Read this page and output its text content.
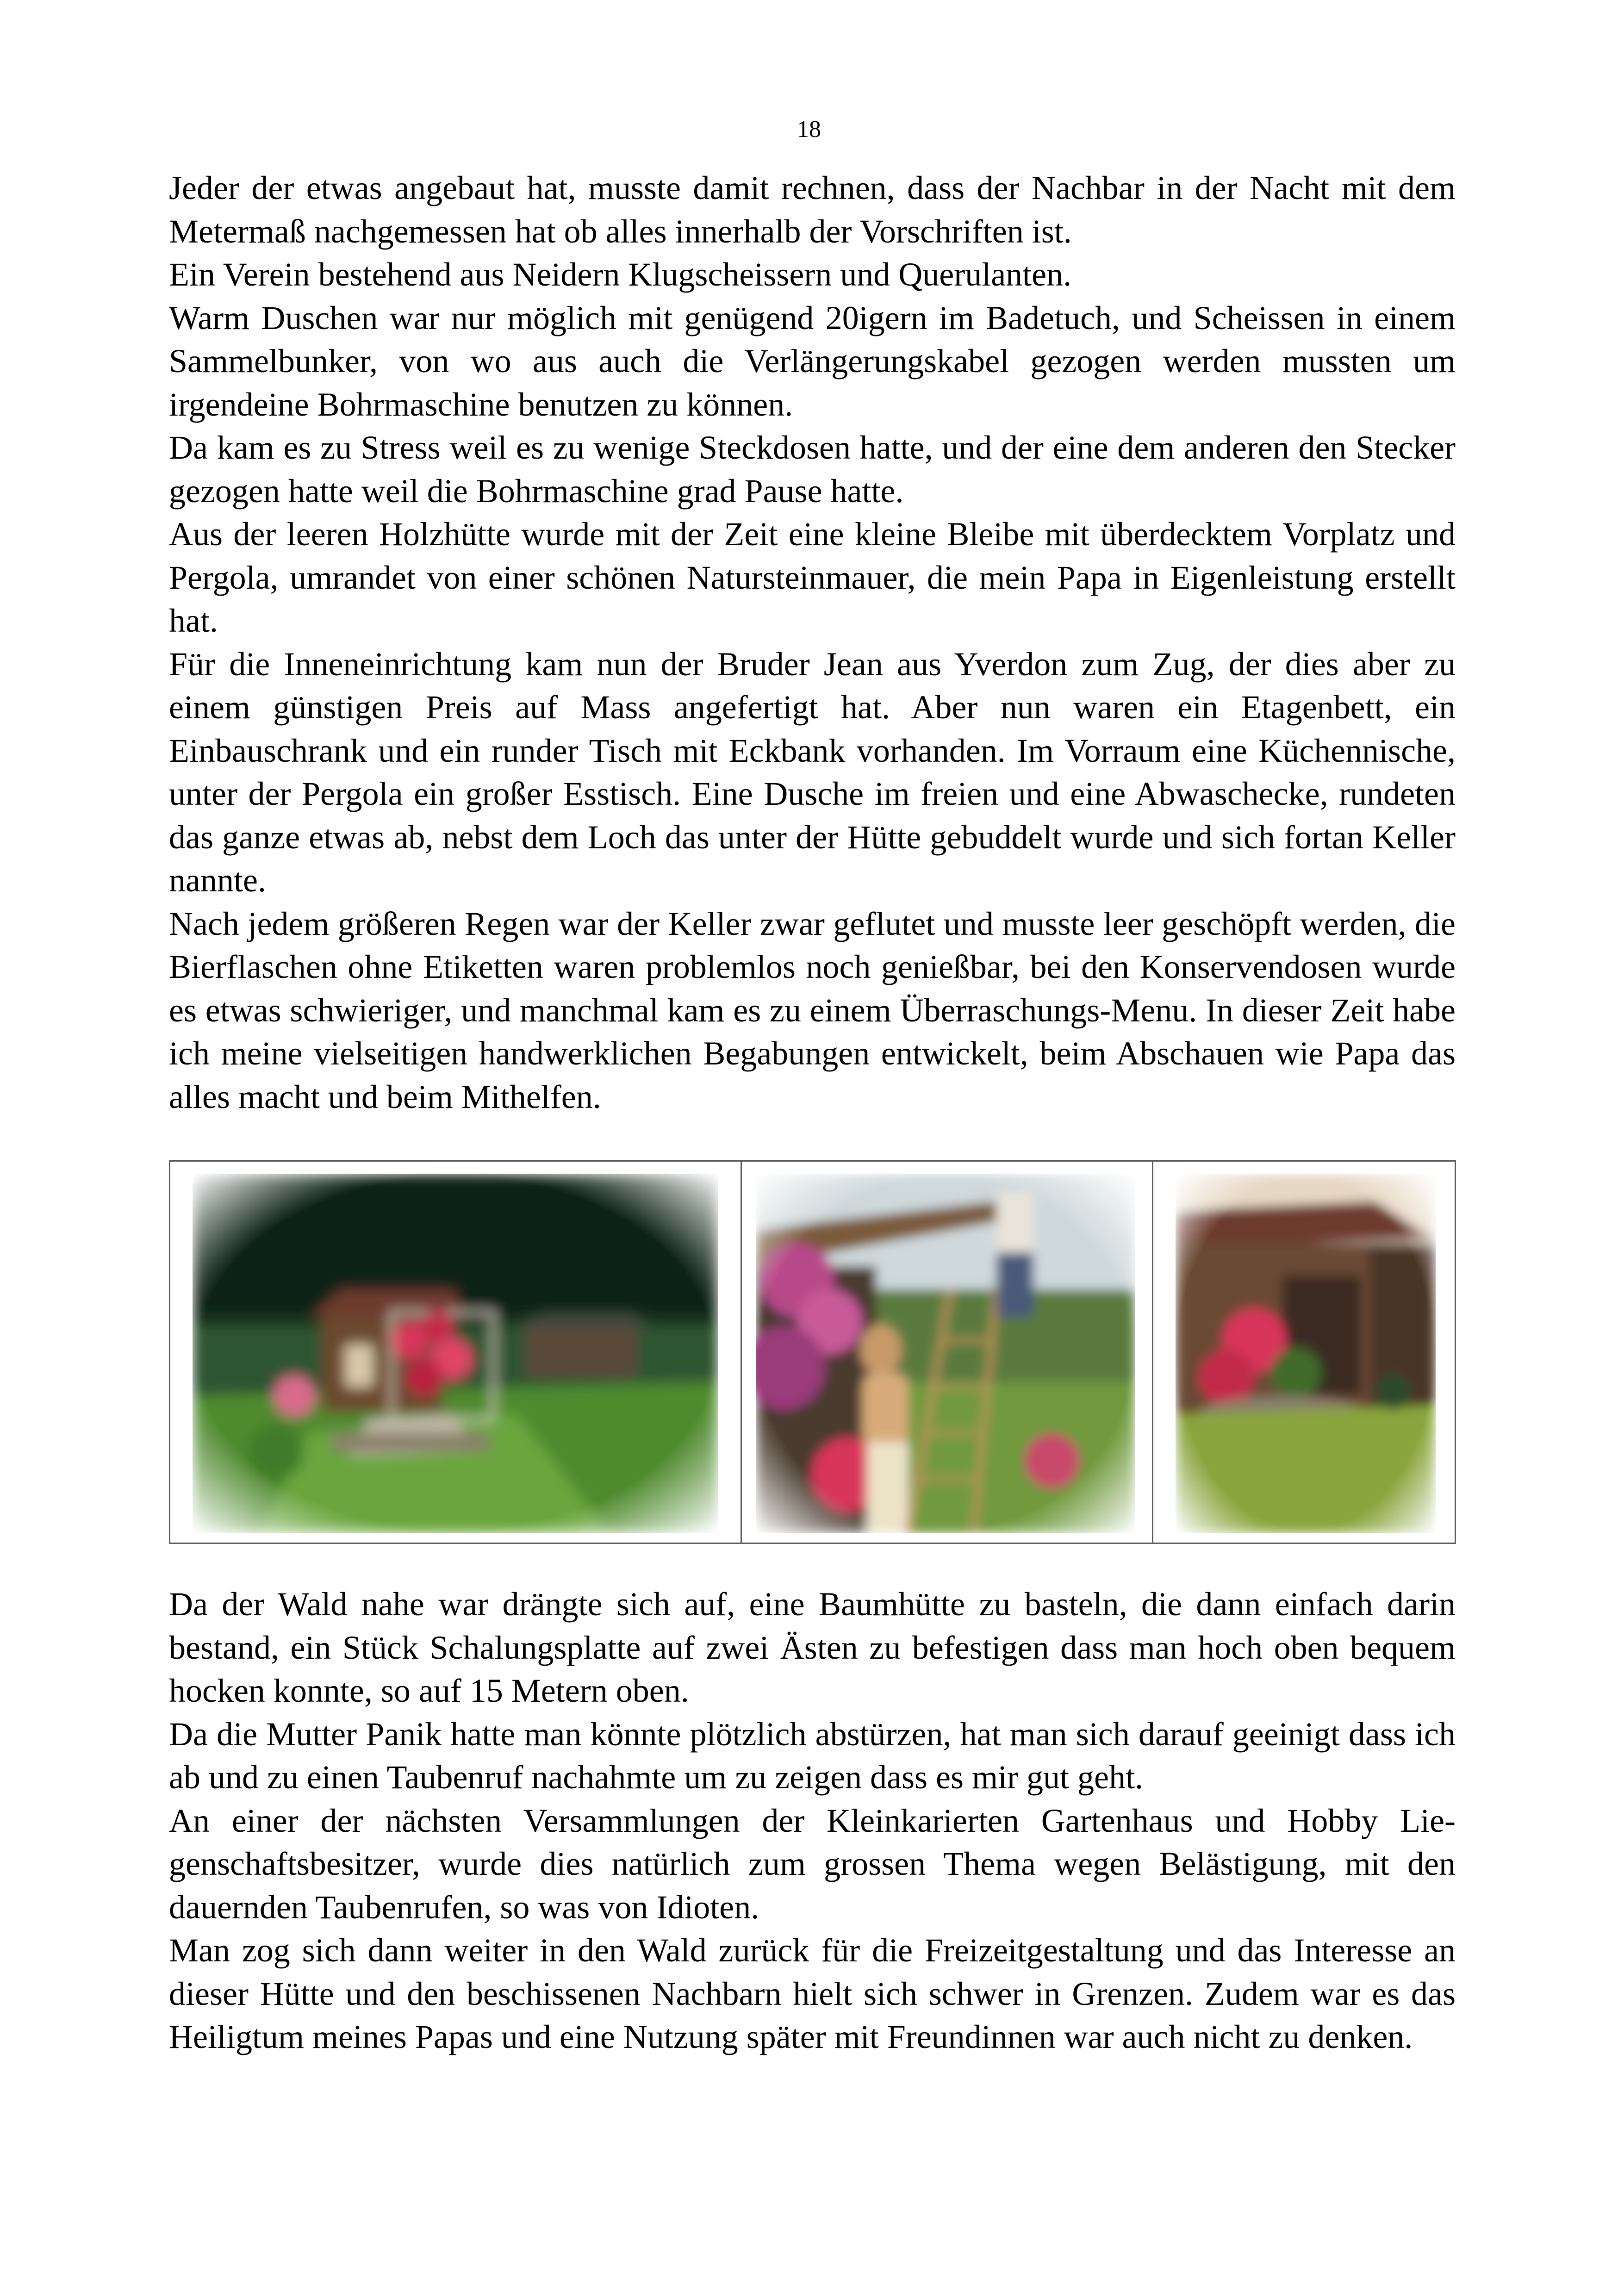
18

Jeder der etwas angebaut hat, musste damit rechnen, dass der Nachbar in der Nacht mit dem Metermaß nachgemessen hat ob alles innerhalb der Vorschriften ist.

Ein Verein bestehend aus Neidern Klugscheissern und Querulanten.

Warm Duschen war nur möglich mit genügend 20igern im Badetuch, und Scheissen in einem Sammelbunker, von wo aus auch die Verlängerungskabel gezogen werden mussten um irgendeine Bohrmaschine benutzen zu können.

Da kam es zu Stress weil es zu wenige Steckdosen hatte, und der eine dem anderen den Stecker gezogen hatte weil die Bohrmaschine grad Pause hatte.

Aus der leeren Holzhütte wurde mit der Zeit eine kleine Bleibe mit überdecktem Vorplatz und Pergola, umrandet von einer schönen Natursteinmauer, die mein Papa in Eigenleistung erstellt hat.

Für die Inneneinrichtung kam nun der Bruder Jean aus Yverdon zum Zug, der dies aber zu einem günstigen Preis auf Mass angefertigt hat. Aber nun waren ein Etagenbett, ein Einbauschrank und ein runder Tisch mit Eckbank vorhanden. Im Vorraum eine Küchennische, unter der Pergola ein großer Esstisch. Eine Dusche im freien und eine Abwaschecke, rundeten das ganze etwas ab, nebst dem Loch das unter der Hütte gebuddelt wurde und sich fortan Keller nannte.

Nach jedem größeren Regen war der Keller zwar geflutet und musste leer geschöpft werden, die Bierflaschen ohne Etiketten waren problemlos noch genießbar, bei den Konservendosen wurde es etwas schwieriger, und manchmal kam es zu einem Überraschungs-Menu. In dieser Zeit habe ich meine vielseitigen handwerklichen Begabungen entwickelt, beim Abschauen wie Papa das alles macht und beim Mithelfen.

Da der Wald nahe war drängte sich auf, eine Baumhütte zu basteln, die dann einfach darin bestand, ein Stück Schalungsplatte auf zwei Ästen zu befestigen dass man hoch oben bequem hocken konnte, so auf 15 Metern oben.

Da die Mutter Panik hatte man könnte plötzlich abstürzen, hat man sich darauf geeinigt dass ich ab und zu einen Taubenruf nachahmte um zu zeigen dass es mir gut geht.

An einer der nächsten Versammlungen der Kleinkarierten Gartenhaus und Hobby Liegenschaftsbesitzer, wurde dies natürlich zum grossen Thema wegen Belästigung, mit den dauernden Taubenrufen, so was von Idioten.

Man zog sich dann weiter in den Wald zurück für die Freizeitgestaltung und das Interesse an dieser Hütte und den beschissenen Nachbarn hielt sich schwer in Grenzen. Zudem war es das Heiligtum meines Papas und eine Nutzung später mit Freundinnen war auch nicht zu denken.
